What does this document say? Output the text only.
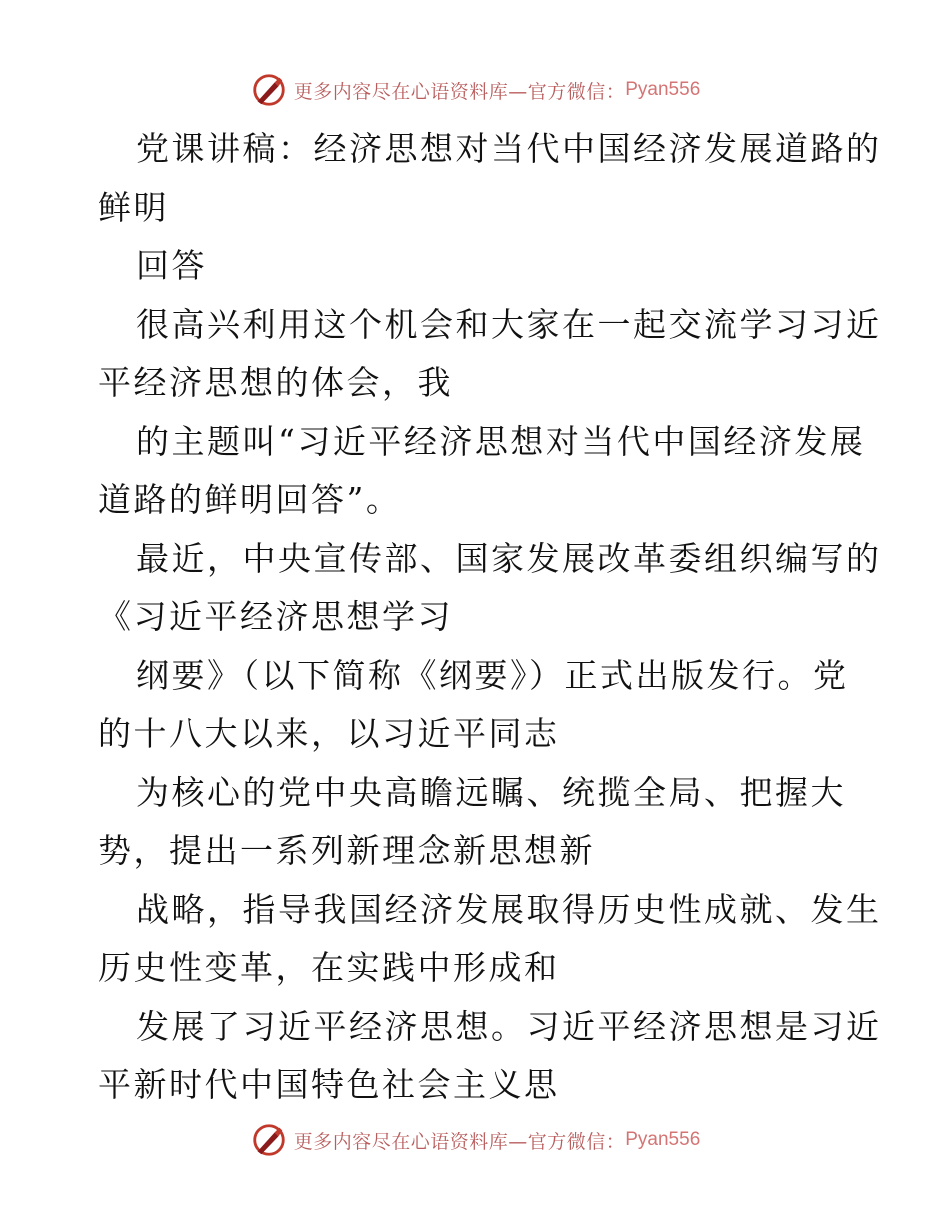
更多内容尽在心语资料库—官方微信： Pyan556
党课讲稿：经济思想对当代中国经济发展道路的
鲜明
回答
很高兴利用这个机会和大家在一起交流学习习近
平经济思想的体会，我
的主题叫“习近平经济思想对当代中国经济发展
道路的鲜明回答”。
最近，中央宣传部、国家发展改革委组织编写的
《习近平经济思想学习
纲要》（以下简称《纲要》）正式出版发行。党
的十八大以来，以习近平同志
为核心的党中央高瞻远瞩、统揽全局、把握大
势，提出一系列新理念新思想新
战略，指导我国经济发展取得历史性成就、发生
历史性变革，在实践中形成和
发展了习近平经济思想。习近平经济思想是习近
平新时代中国特色社会主义思
更多内容尽在心语资料库—官方微信： Pyan556
